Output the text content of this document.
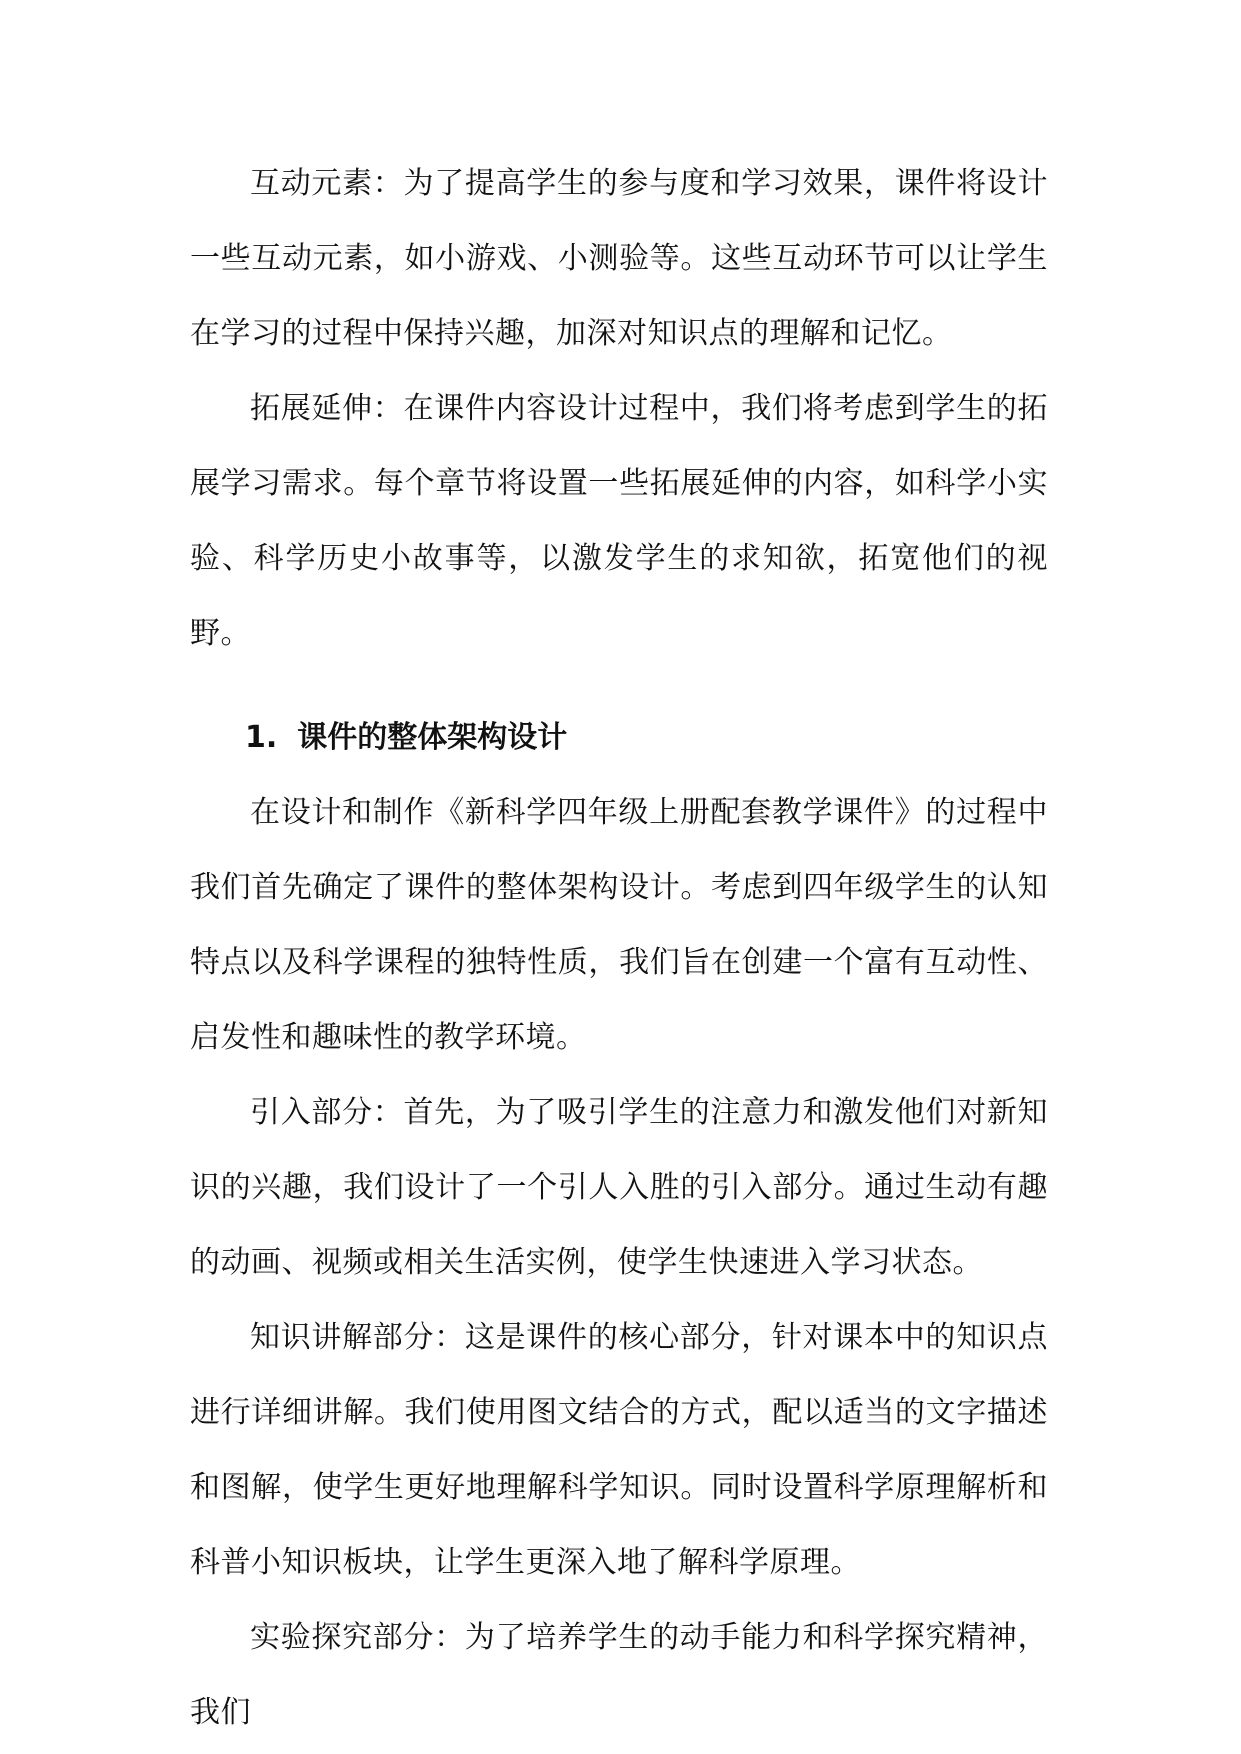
互动元素：为了提高学生的参与度和学习效果，课件将设计一些互动元素，如小游戏、小测验等。这些互动环节可以让学生在学习的过程中保持兴趣，加深对知识点的理解和记忆。

拓展延伸：在课件内容设计过程中，我们将考虑到学生的拓展学习需求。每个章节将设置一些拓展延伸的内容，如科学小实验、科学历史小故事等，以激发学生的求知欲，拓宽他们的视野。

1. 课件的整体架构设计

在设计和制作《新科学四年级上册配套教学课件》的过程中我们首先确定了课件的整体架构设计。考虑到四年级学生的认知特点以及科学课程的独特性质，我们旨在创建一个富有互动性、启发性和趣味性的教学环境。

引入部分：首先，为了吸引学生的注意力和激发他们对新知识的兴趣，我们设计了一个引人入胜的引入部分。通过生动有趣的动画、视频或相关生活实例，使学生快速进入学习状态。

知识讲解部分：这是课件的核心部分，针对课本中的知识点进行详细讲解。我们使用图文结合的方式，配以适当的文字描述和图解，使学生更好地理解科学知识。同时设置科学原理解析和科普小知识板块，让学生更深入地了解科学原理。

实验探究部分：为了培养学生的动手能力和科学探究精神，我们
